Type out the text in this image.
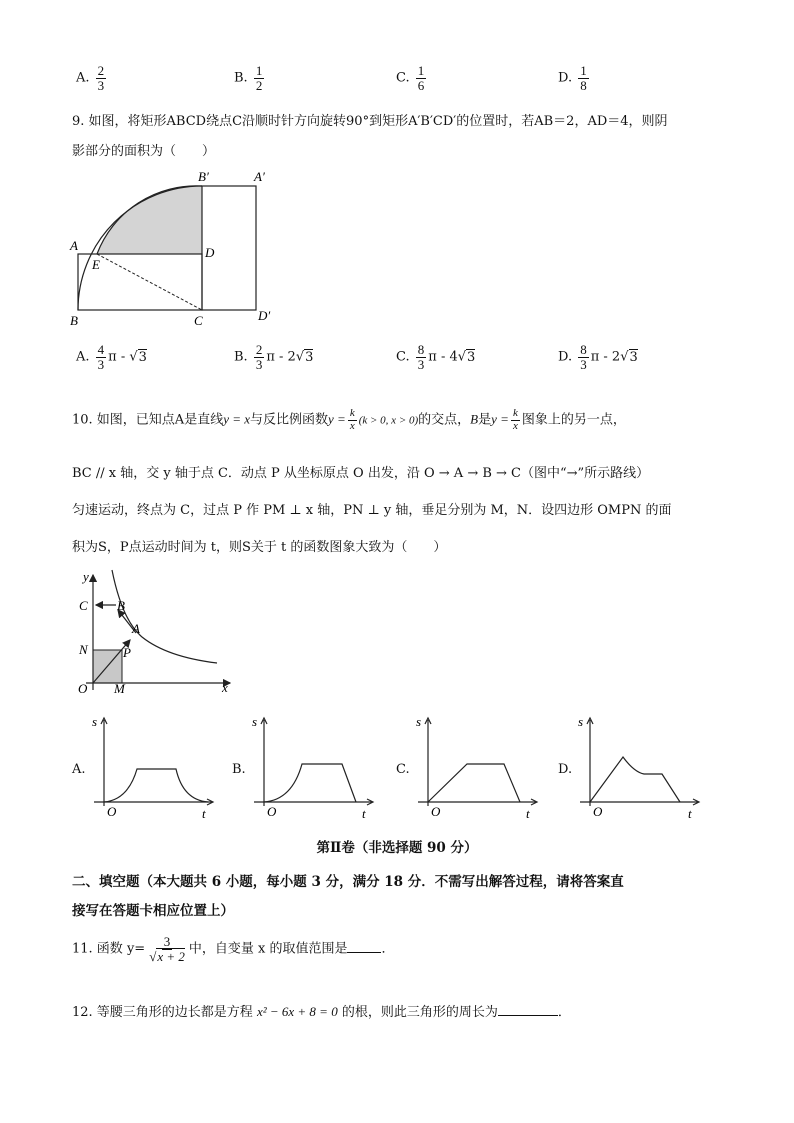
A. $\frac{2}{3}$	B. $\frac{1}{2}$	C. $\frac{1}{6}$	D. $\frac{1}{8}$
9. 如图，将矩形ABCD绕点C沿顺时针方向旋转90°到矩形A′B′CD′的位置时，若AB＝2，AD＝4，则阴
影部分的面积为（　　）
A
B	C
D
E
A′
B′
D′
A. $\frac{4}{3}$ π - √3	B. $\frac{2}{3}$ π - 2√3	C. $\frac{8}{3}$ π - 4√3	D. $\frac{8}{3}$ π - 2√3
10. 如图，已知点A是直线y = x与反比例函数$y = \frac{k}{x} (k > 0$, x > 0)的交点，B是$y = \frac{k}{x}$ 图象上的另一点，
BC // x 轴，交 y 轴于点 C．动点 P 从坐标原点 O 出发，沿 O → A → B → C（图中“→”所示路线）
匀速运动，终点为 C，过点 P 作 PM ⊥ x 轴，PN ⊥ y 轴，垂足分别为 M，N．设四边形 OMPN 的面
积为S，P点运动时间为 t，则S关于 t 的函数图象大致为（　　）
y
x
C B
A
N	P
O M
A.
s
O	t
B.
s
O	t
C.
s
O	t
D.
s
O	t
第Ⅱ卷（非选择题 90 分）
二、填空题（本大题共 6 小题，每小题 3 分，满分 18 分．不需写出解答过程，请将答案直
接写在答题卡相应位置上）
11. 函数 $y= \frac{3}{√x + 2}$ 中，自变量 x 的取值范围是	．
12. 等腰三角形的边长都是方程 x² − 6x + 8 = 0 的根，则此三角形的周长为	．
